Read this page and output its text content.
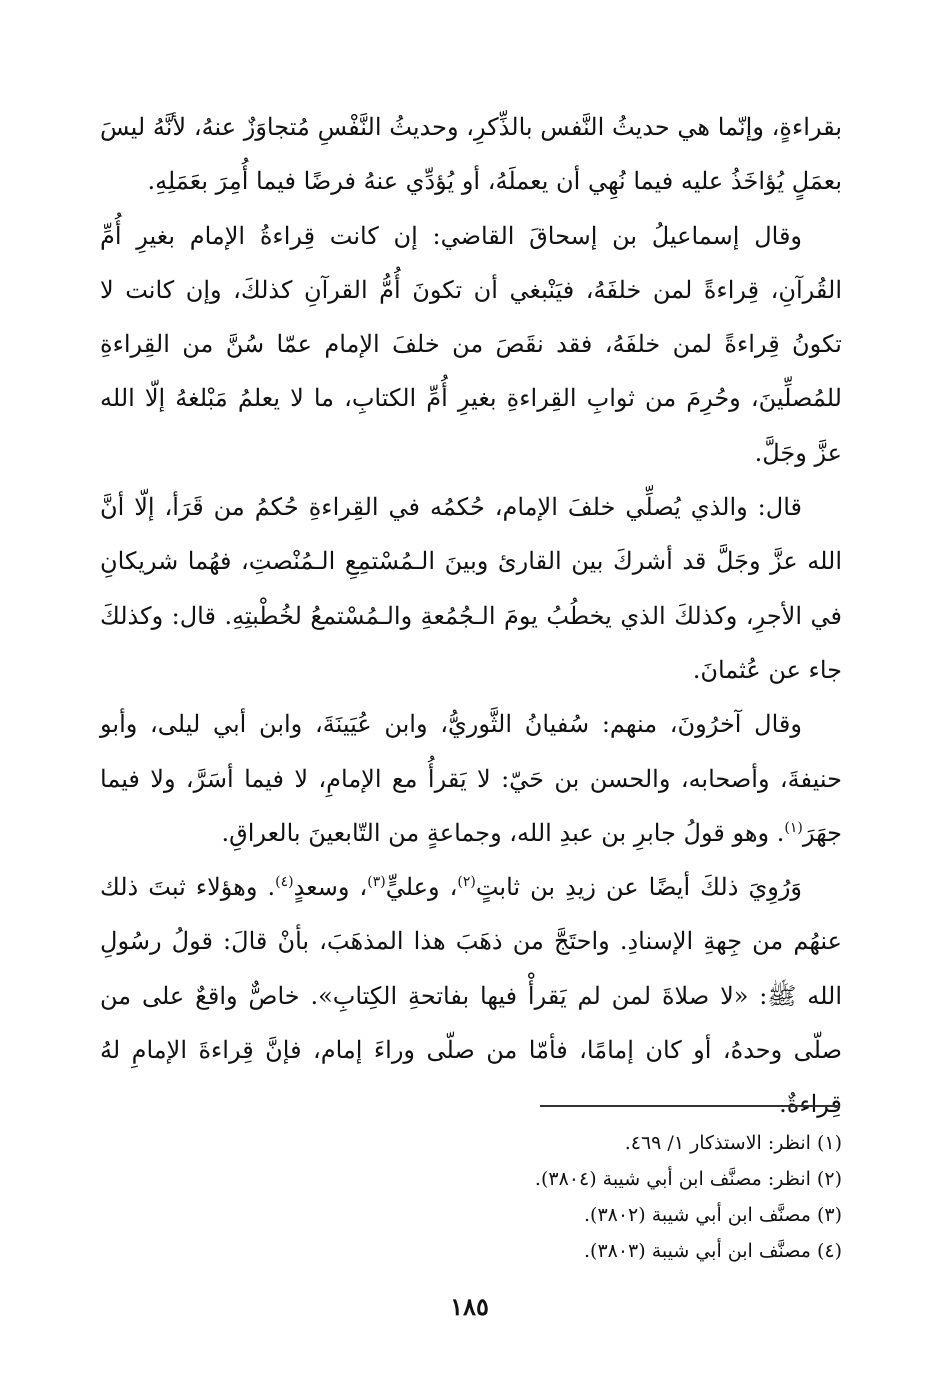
بقراءةٍ، وإنّما هي حديثُ النَّفس بالذِّكرِ، وحديثُ النَّفْسِ مُتجاوَزٌ عنهُ، لأنَّهُ ليسَ بعمَلٍ يُؤاخَذُ عليه فيما نُهِي أن يعملَهُ، أو يُؤدِّي عنهُ فرضًا فيما أُمِرَ بعَمَلِهِ.

وقال إسماعيلُ بن إسحاقَ القاضي: إن كانت قِراءةُ الإمام بغيرِ أُمِّ القُرآنِ، قِراءةً لمن خلفَهُ، فيَنْبغي أن تكونَ أُمُّ القرآنِ كذلكَ، وإن كانت لا تكونُ قِراءةً لمن خلفَهُ، فقد نقَصَ من خلفَ الإمام عمّا سُنَّ من القِراءةِ للمُصلِّينَ، وحُرِمَ من ثوابِ القِراءةِ بغيرِ أُمِّ الكتابِ، ما لا يعلمُ مَبْلغهُ إلّا الله عزَّ وجَلَّ.

قال: والذي يُصلِّي خلفَ الإمام، حُكمُه في القِراءةِ حُكمُ من قَرَأ، إلّا أنَّ الله عزَّ وجَلَّ قد أشركَ بين القارئ وبينَ الـمُسْتمِعِ الـمُنْصتِ، فهُما شريكانِ في الأجرِ، وكذلكَ الذي يخطُبُ يومَ الـجُمُعةِ والـمُسْتمعُ لخُطْبتِهِ. قال: وكذلكَ جاء عن عُثمانَ.

وقال آخرُونَ، منهم: سُفيانُ الثَّوريُّ، وابن عُيَينَةَ، وابن أبي ليلى، وأبو حنيفةَ، وأصحابه، والحسن بن حَيّ: لا يَقرأُ مع الإمامِ، لا فيما أسَرَّ، ولا فيما جهَرَ$^{(١)}$. وهو قولُ جابرِ بن عبدِ الله، وجماعةٍ من التّابعينَ بالعراقِ.

وَرُوِيَ ذلكَ أيضًا عن زيدِ بن ثابتٍ$^{(٢)}$، وعليٍّ$^{(٣)}$، وسعدٍ$^{(٤)}$. وهؤلاء ثبتَ ذلك عنهُم من جِهةِ الإسنادِ. واحتَجَّ من ذهَبَ هذا المذهَبَ، بأنْ قالَ: قولُ رسُولِ الله ﷺ: «لا صلاةَ لمن لم يَقرأْ فيها بفاتحةِ الكِتابِ». خاصٌّ واقعٌ على من صلّى وحدهُ، أو كان إمامًا، فأمّا من صلّى وراءَ إمام، فإنَّ قِراءةَ الإمامِ لهُ قِراءةٌ.

(١) انظر: الاستذكار ١/ ٤٦٩.

(٢) انظر: مصنَّف ابن أبي شيبة (٣٨٠٤).

(٣) مصنَّف ابن أبي شيبة (٣٨٠٢).

(٤) مصنَّف ابن أبي شيبة (٣٨٠٣).

١٨٥
